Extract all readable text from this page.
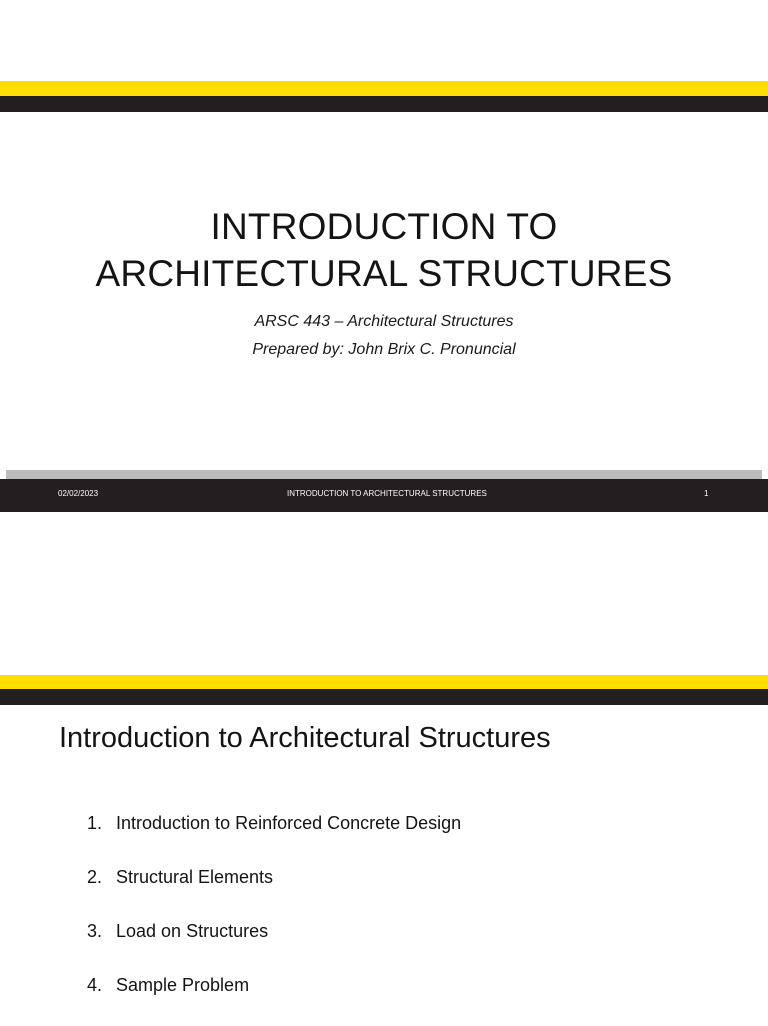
INTRODUCTION TO

ARCHITECTURAL STRUCTURES

ARSC 443 – Architectural Structures

Prepared by: John Brix C. Pronuncial

02/02/2023	INTRODUCTION TO ARCHITECTURAL STRUCTURES	1
Introduction to Architectural Structures
1. Introduction to Reinforced Concrete Design
2. Structural Elements
3. Load on Structures
4. Sample Problem
